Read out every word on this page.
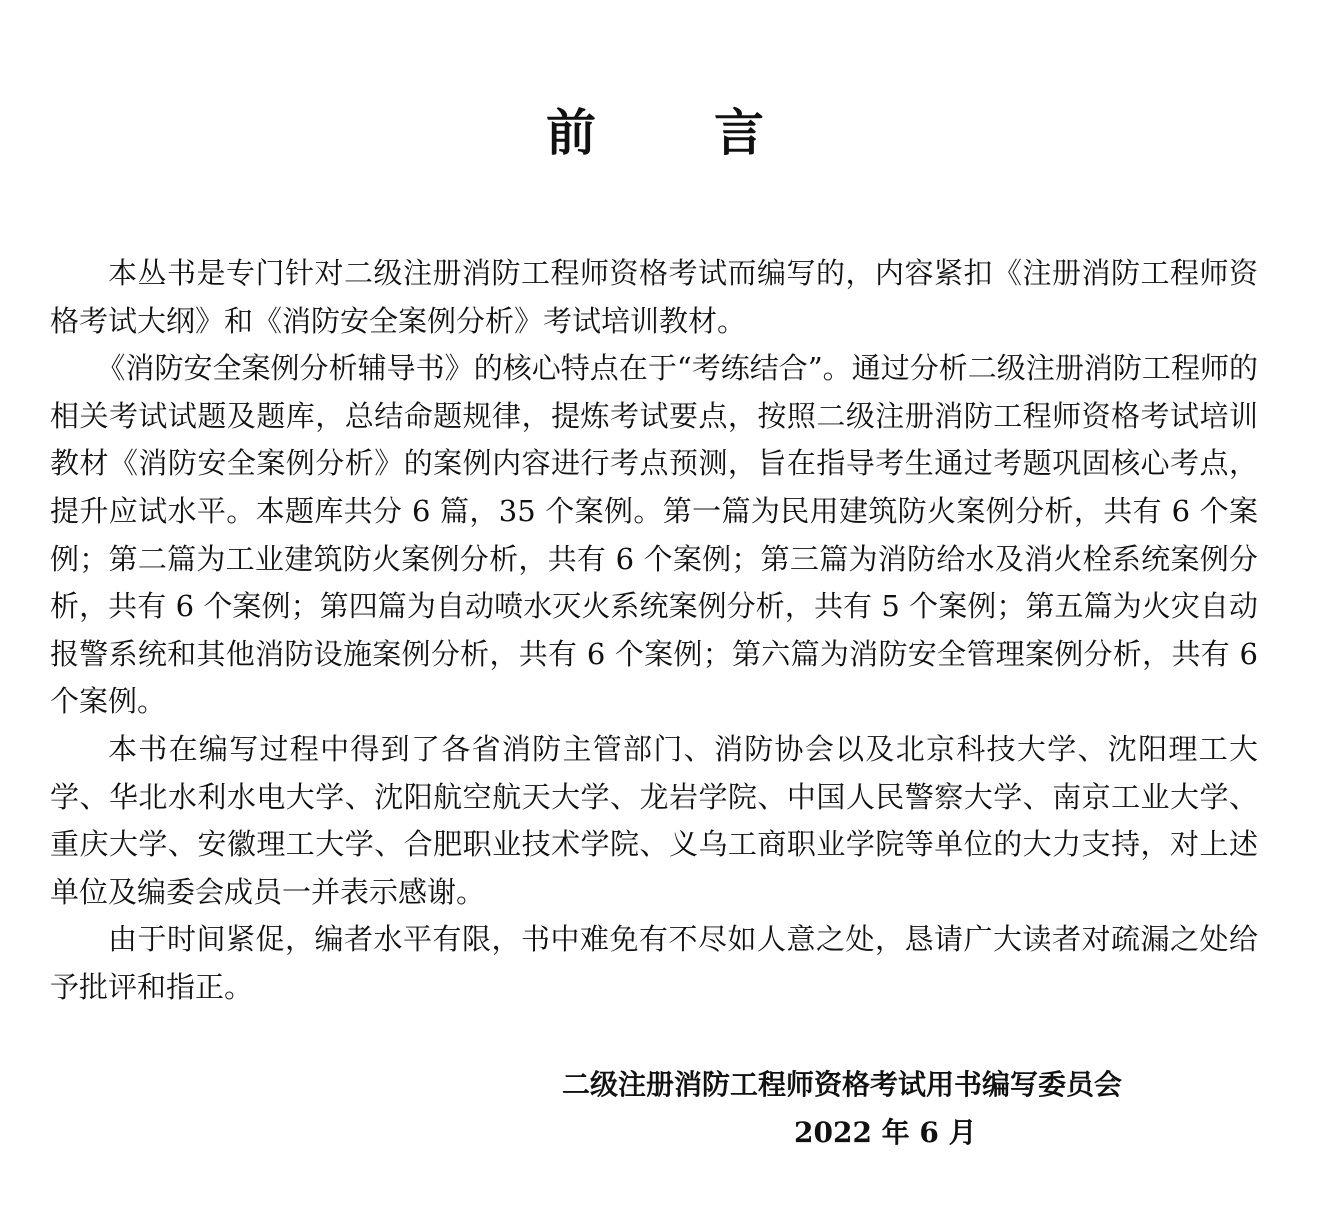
前 言

本丛书是专门针对二级注册消防工程师资格考试而编写的，内容紧扣《注册消防工程师资格考试大纲》和《消防安全案例分析》考试培训教材。

《消防安全案例分析辅导书》的核心特点在于“考练结合”。通过分析二级注册消防工程师的相关考试试题及题库，总结命题规律，提炼考试要点，按照二级注册消防工程师资格考试培训教材《消防安全案例分析》的案例内容进行考点预测，旨在指导考生通过考题巩固核心考点，提升应试水平。本题库共分 6 篇，35 个案例。第一篇为民用建筑防火案例分析，共有 6 个案例；第二篇为工业建筑防火案例分析，共有 6 个案例；第三篇为消防给水及消火栓系统案例分析，共有 6 个案例；第四篇为自动喷水灭火系统案例分析，共有 5 个案例；第五篇为火灾自动报警系统和其他消防设施案例分析，共有 6 个案例；第六篇为消防安全管理案例分析，共有 6 个案例。

本书在编写过程中得到了各省消防主管部门、消防协会以及北京科技大学、沈阳理工大学、华北水利水电大学、沈阳航空航天大学、龙岩学院、中国人民警察大学、南京工业大学、重庆大学、安徽理工大学、合肥职业技术学院、义乌工商职业学院等单位的大力支持，对上述单位及编委会成员一并表示感谢。

由于时间紧促，编者水平有限，书中难免有不尽如人意之处，恳请广大读者对疏漏之处给予批评和指正。

二级注册消防工程师资格考试用书编写委员会
2022 年 6 月
